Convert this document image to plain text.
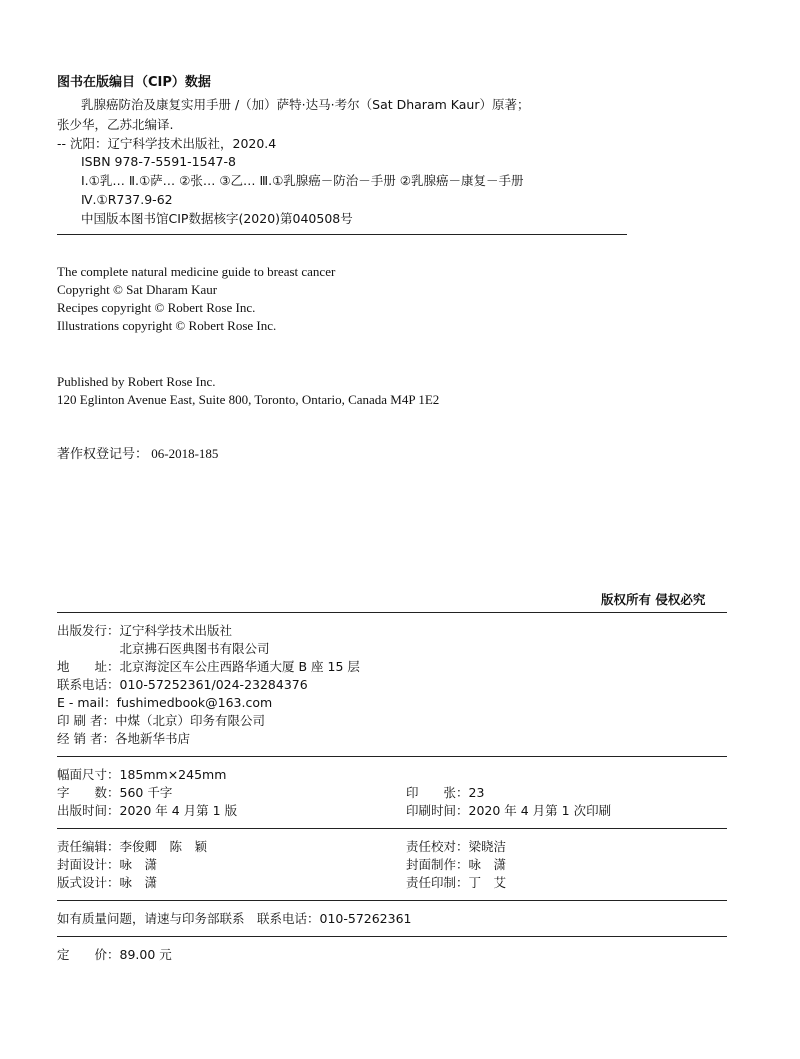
图书在版编目（CIP）数据
乳腺癌防治及康复实用手册 /（加）萨特·达马·考尔（Sat Dharam Kaur）原著；
张少华，乙苏北编译.
-- 沈阳：辽宁科学技术出版社，2020.4
ISBN 978-7-5591-1547-8
Ⅰ.①乳… Ⅱ.①萨… ②张… ③乙… Ⅲ.①乳腺癌－防治－手册 ②乳腺癌－康复－手册
Ⅳ.①R737.9-62
中国版本图书馆CIP数据核字(2020)第040508号
The complete natural medicine guide to breast cancer
Copyright © Sat Dharam Kaur
Recipes copyright © Robert Rose Inc.
Illustrations copyright © Robert Rose Inc.
Published by Robert Rose Inc.
120 Eglinton Avenue East, Suite 800, Toronto, Ontario, Canada M4P 1E2
著作权登记号： 06-2018-185
版权所有 侵权必究
出版发行：辽宁科学技术出版社
　　　　　北京拂石医典图书有限公司
地　　址：北京海淀区车公庄西路华通大厦 B 座 15 层
联系电话：010-57252361/024-23284376
E - mail：fushimedbook@163.com
印 刷 者：中煤（北京）印务有限公司
经 销 者：各地新华书店
幅面尺寸：185mm×245mm
字　　数：560 千字
出版时间：2020 年 4 月第 1 版
印　　张：23
印刷时间：2020 年 4 月第 1 次印刷
责任编辑：李俊卿　陈　颖
封面设计：咏　潇
版式设计：咏　潇
责任校对：梁晓洁
封面制作：咏　潇
责任印制：丁　艾
如有质量问题，请速与印务部联系　联系电话：010-57262361
定　　价：89.00 元
